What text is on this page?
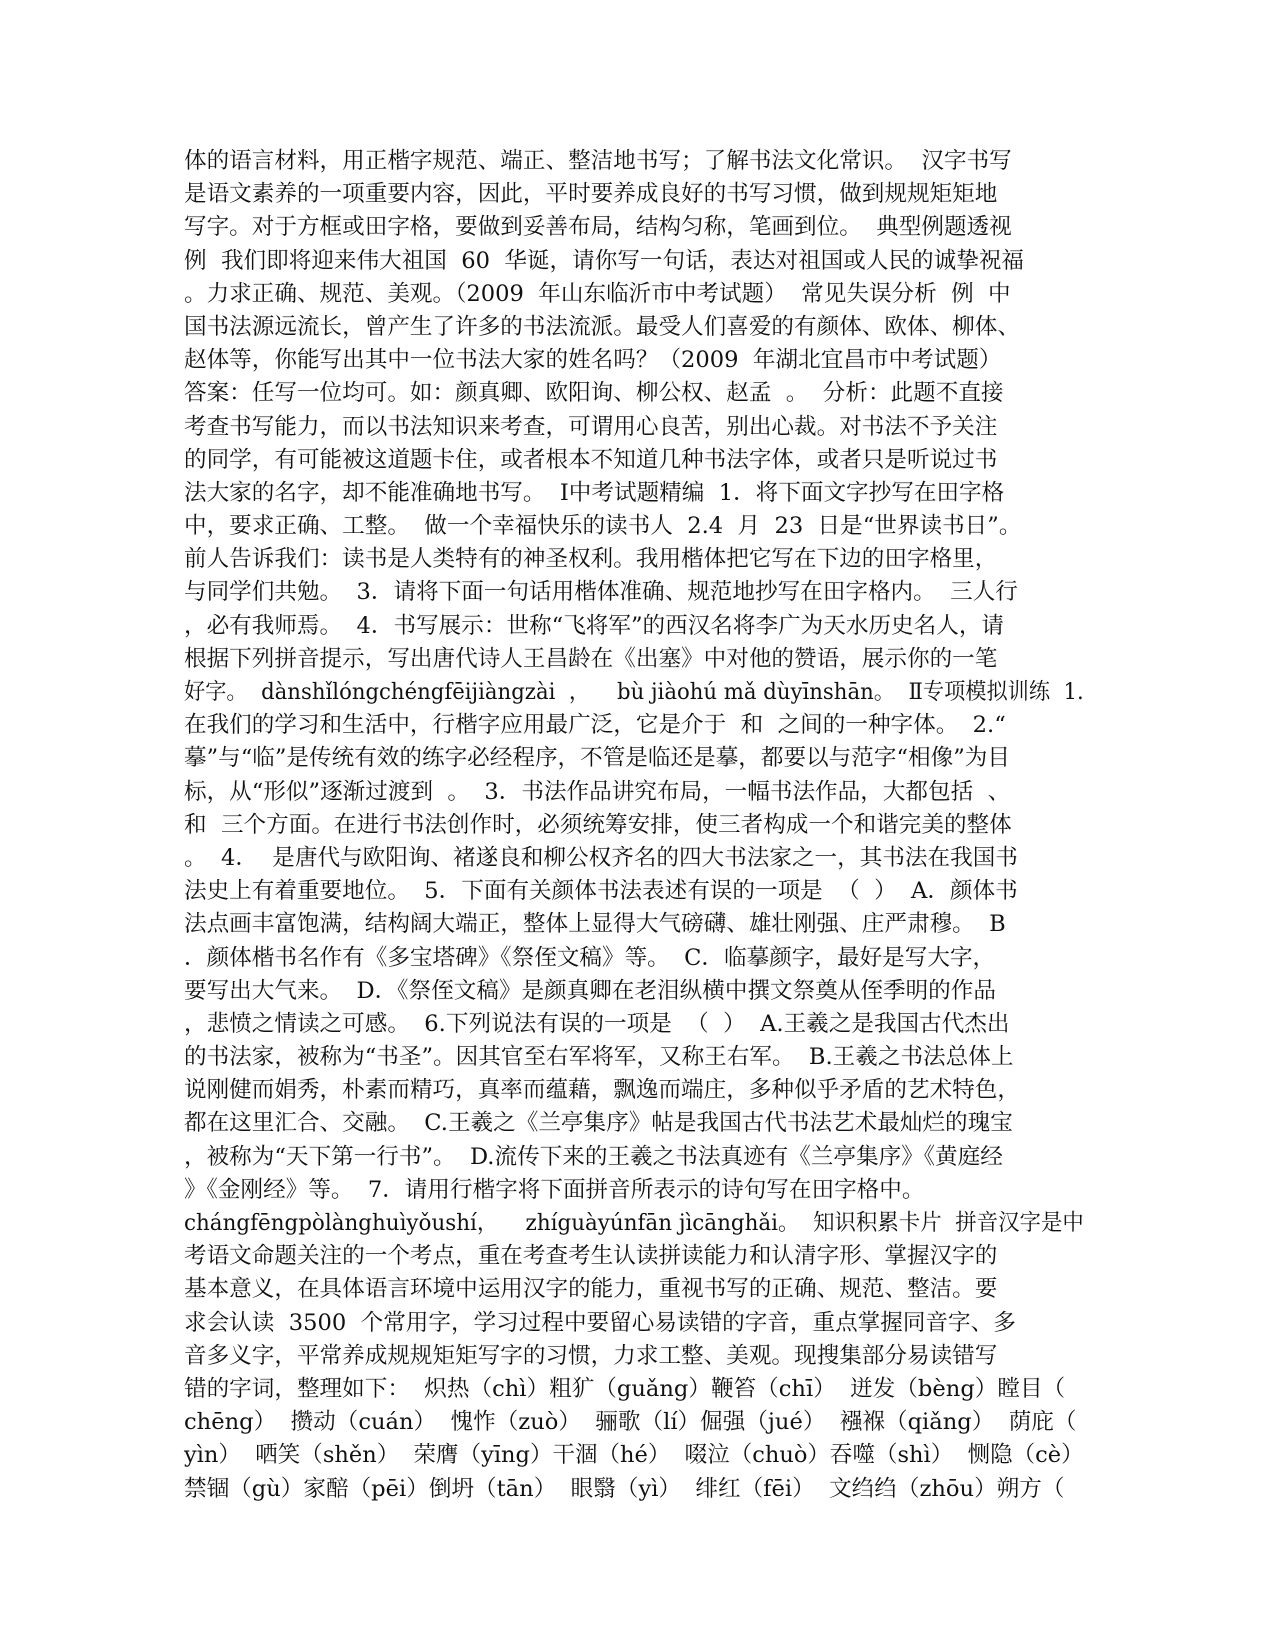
体的语言材料，用正楷字规范、端正、整洁地书写；了解书法文化常识。  汉字书写
是语文素养的一项重要内容，因此，平时要养成良好的书写习惯，做到规规矩矩地
写字。对于方框或田字格，要做到妥善布局，结构匀称，笔画到位。  典型例题透视
例  我们即将迎来伟大祖国  60  华诞，请你写一句话，表达对祖国或人民的诚挚祝福
。力求正确、规范、美观。（2009  年山东临沂市中考试题）  常见失误分析  例  中
国书法源远流长，曾产生了许多的书法流派。最受人们喜爱的有颜体、欧体、柳体、
赵体等，你能写出其中一位书法大家的姓名吗？（2009  年湖北宜昌市中考试题）
答案：任写一位均可。如：颜真卿、欧阳询、柳公权、赵孟  。  分析：此题不直接
考查书写能力，而以书法知识来考查，可谓用心良苦，别出心裁。对书法不予关注
的同学，有可能被这道题卡住，或者根本不知道几种书法字体，或者只是听说过书
法大家的名字，却不能准确地书写。  Ⅰ中考试题精编  1．将下面文字抄写在田字格
中，要求正确、工整。  做一个幸福快乐的读书人  2.4  月  23  日是“世界读书日”。
前人告诉我们：读书是人类特有的神圣权利。我用楷体把它写在下边的田字格里，
与同学们共勉。  3．请将下面一句话用楷体准确、规范地抄写在田字格内。  三人行
，必有我师焉。  4．书写展示：世称“飞将军”的西汉名将李广为天水历史名人，请
根据下列拼音提示，写出唐代诗人王昌龄在《出塞》中对他的赞语，展示你的一笔
好字。  dànshǐlóngchéngfēijiàngzài  ，    bù jiàohú mǎ dùyīnshān。  Ⅱ专项模拟训练  1.
在我们的学习和生活中，行楷字应用最广泛，它是介于  和  之间的一种字体。  2.“
摹”与“临”是传统有效的练字必经程序，不管是临还是摹，都要以与范字“相像”为目
标，从“形似”逐渐过渡到  。  3．书法作品讲究布局，一幅书法作品，大都包括  、
和  三个方面。在进行书法创作时，必须统筹安排，使三者构成一个和谐完美的整体
。  4．  是唐代与欧阳询、褚遂良和柳公权齐名的四大书法家之一，其书法在我国书
法史上有着重要地位。  5．下面有关颜体书法表述有误的一项是  （  ）  A．颜体书
法点画丰富饱满，结构阔大端正，整体上显得大气磅礴、雄壮刚强、庄严肃穆。  B
．颜体楷书名作有《多宝塔碑》《祭侄文稿》等。  C．临摹颜字，最好是写大字，
要写出大气来。  D．《祭侄文稿》是颜真卿在老泪纵横中撰文祭奠从侄季明的作品
，悲愤之情读之可感。  6.下列说法有误的一项是  （  ）  A.王羲之是我国古代杰出
的书法家，被称为“书圣”。因其官至右军将军，又称王右军。  B.王羲之书法总体上
说刚健而娟秀，朴素而精巧，真率而蕴藉，飘逸而端庄，多种似乎矛盾的艺术特色，
都在这里汇合、交融。  C.王羲之《兰亭集序》帖是我国古代书法艺术最灿烂的瑰宝
，被称为“天下第一行书”。  D.流传下来的王羲之书法真迹有《兰亭集序》《黄庭经
》《金刚经》等。  7．请用行楷字将下面拼音所表示的诗句写在田字格中。
chángfēngpòlànghuìyǒushí，    zhíguàyúnfān jìcānghǎi。  知识积累卡片  拼音汉字是中
考语文命题关注的一个考点，重在考查考生认读拼读能力和认清字形、掌握汉字的
基本意义，在具体语言环境中运用汉字的能力，重视书写的正确、规范、整洁。要
求会认读  3500  个常用字，学习过程中要留心易读错的字音，重点掌握同音字、多
音多义字，平常养成规规矩矩写字的习惯，力求工整、美观。现搜集部分易读错写
错的字词，整理如下：  炽热（chì）粗犷（guǎng）鞭笞（chī）  迸发（bèng）瞠目（
chēng）  攒动（cuán）  愧怍（zuò）  骊歌（lí）倔强（jué）  襁褓（qiǎng）  荫庇（
yìn）  哂笑（shěn）  荣膺（yīng）干涸（hé）  啜泣（chuò）吞噬（shì）  恻隐（cè）
禁锢（gù）家醅（pēi）倒坍（tān）  眼翳（yì）  绯红（fēi）  文绉绉（zhōu）朔方（
